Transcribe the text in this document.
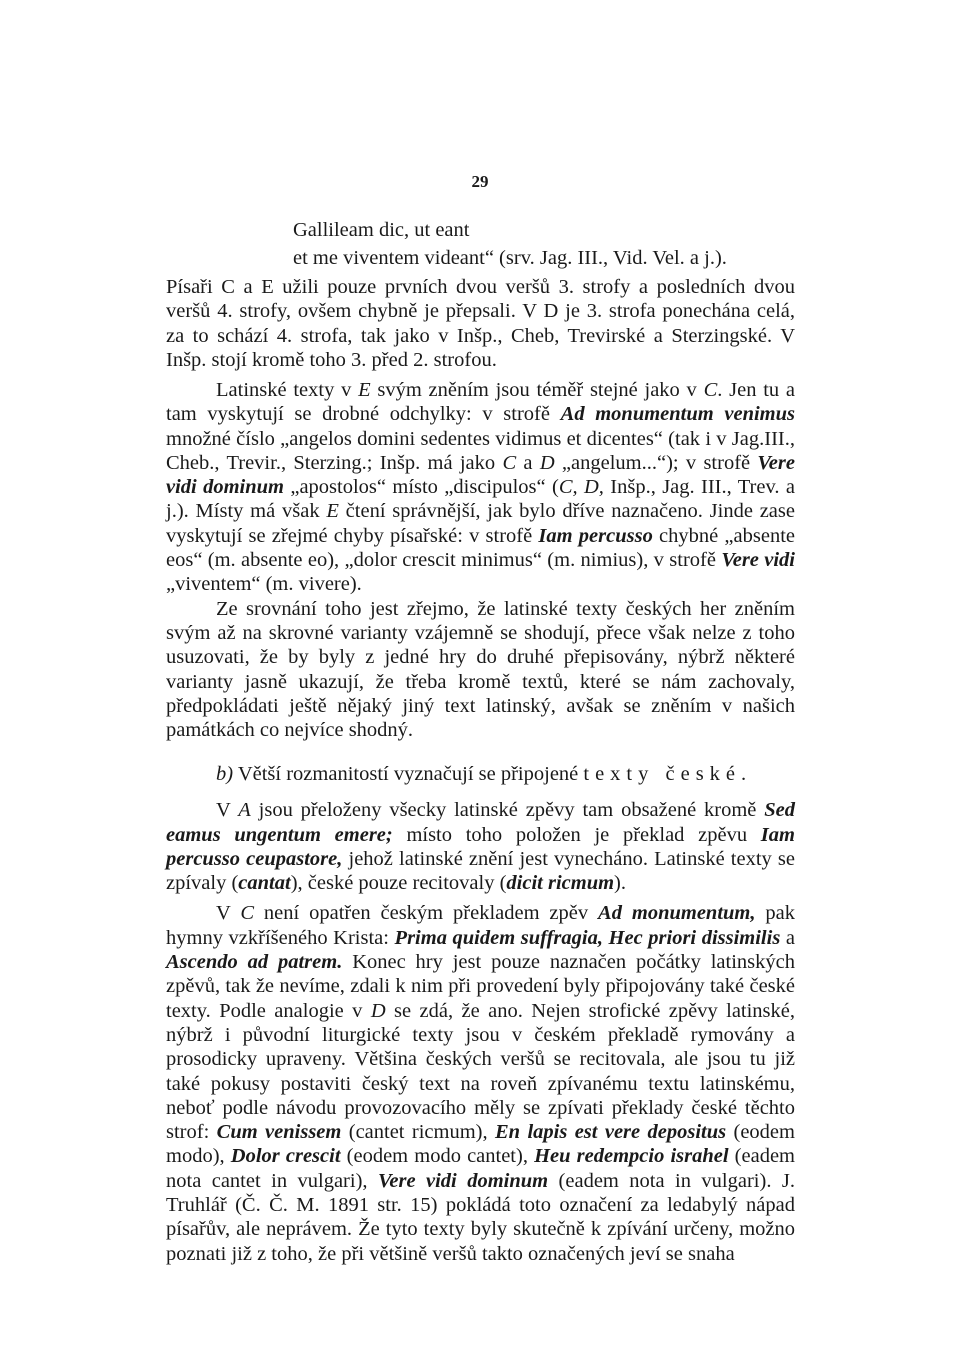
29
Gallileam dic, ut eant
et me viventem videant“ (srv. Jag. III., Vid. Vel. a j.).

Písaři C a E užili pouze prvních dvou veršů 3. strofy a posledních dvou veršů 4. strofy, ovšem chybně je přepsali. V D je 3. strofa ponechána celá, za to schází 4. strofa, tak jako v Inšp., Cheb, Trevirské a Sterzingské. V Inšp. stojí kromě toho 3. před 2. strofou.

Latinské texty v E svým zněním jsou téměř stejné jako v C. Jen tu a tam vyskytují se drobné odchylky: v strofě Ad monumentum venimus množné číslo „angelos domini sedentes vidimus et dicentes“ (tak i v Jag.III., Cheb., Trevir., Sterzing.; Inšp. má jako C a D „angelum...“); v strofě Vere vidi dominum „apostolos“ místo „discipulos“ (C, D, Inšp., Jag. III., Trev. a j.). Místy má však E čtení správnější, jak bylo dříve naznačeno. Jinde zase vyskytují se zřejmé chyby písařské: v strofě Iam percusso chybné „absente eos“ (m. absente eo), „dolor crescit minimus“ (m. nimius), v strofě Vere vidi „viventem“ (m. vivere).

Ze srovnání toho jest zřejmo, že latinské texty českých her zněním svým až na skrovné varianty vzájemně se shodují, přece však nelze z toho usuzovati, že by byly z jedné hry do druhé přepisovány, nýbrž některé varianty jasně ukazují, že třeba kromě textů, které se nám zachovaly, předpokládati ještě nějaký jiný text latinský, avšak se zněním v našich památkách co nejvíce shodný.

b) Větší rozmanitostí vyznačují se připojené texty české.

V A jsou přeloženy všecky latinské zpěvy tam obsažené kromě Sed eamus ungentum emere; místo toho položen je překlad zpěvu Iam percusso ceupastore, jehož latinské znění jest vynecháno. Latinské texty se zpívaly (cantat), české pouze recitovaly (dicit ricmum).

V C není opatřen českým překladem zpěv Ad monumentum, pak hymny vzkříšeného Krista: Prima quidem suffragia, Hec priori dissimilis a Ascendo ad patrem. Konec hry jest pouze naznačen počátky latinských zpěvů, tak že nevíme, zdali k nim při provedení byly připojovány také české texty. Podle analogie v D se zdá, že ano. Nejen strofické zpěvy latinské, nýbrž i původní liturgické texty jsou v českém překladě rymovány a prosodicky upraveny. Většina českých veršů se recitovala, ale jsou tu již také pokusy postaviti český text na roveň zpívanému textu latinskému, neboť podle návodu provozovacího měly se zpívati překlady české těchto strof: Cum venissem (cantet ricmum), En lapis est vere depositus (eodem modo), Dolor crescit (eodem modo cantet), Heu redempcio israhel (eadem nota cantet in vulgari), Vere vidi dominum (eadem nota in vulgari). J. Truhlář (Č. Č. M. 1891 str. 15) pokládá toto označení za ledabylý nápad písařův, ale neprávem. Že tyto texty byly skutečně k zpívání určeny, možno poznati již z toho, že při většině veršů takto označených jeví se snaha
